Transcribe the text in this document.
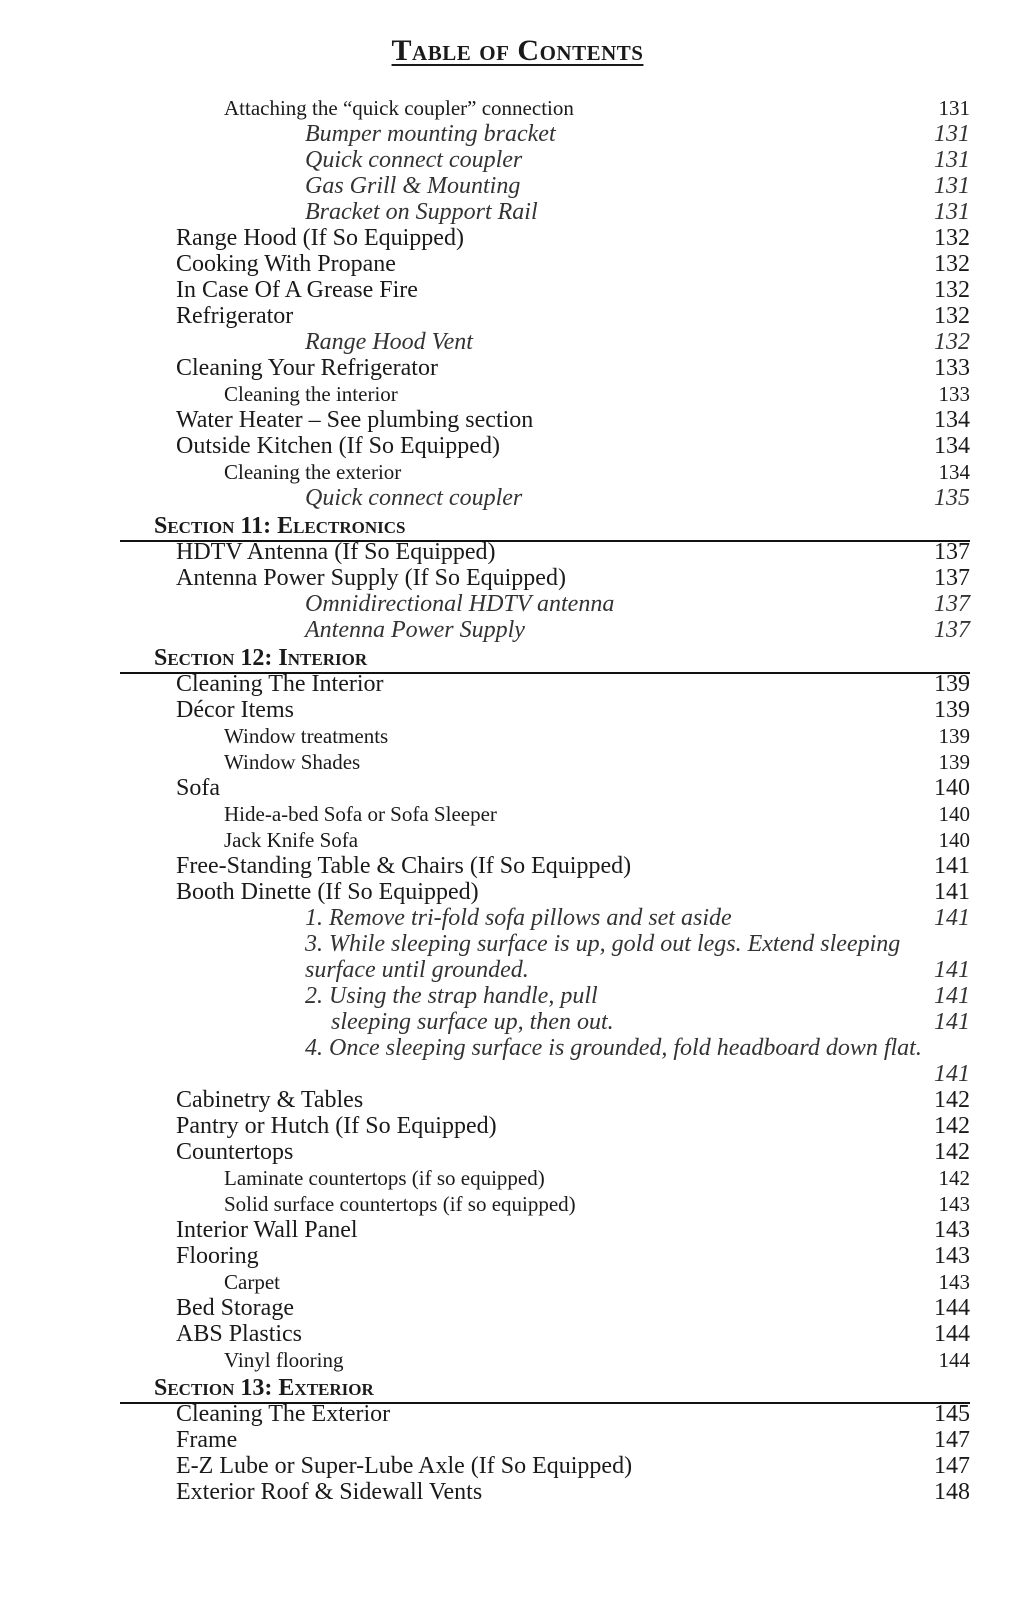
Table of Contents
Attaching the “quick coupler” connection	131
Bumper mounting bracket	131
Quick connect coupler	131
Gas Grill & Mounting	131
Bracket on Support Rail	131
Range Hood (If So Equipped)	132
Cooking With Propane	132
In Case Of A Grease Fire	132
Refrigerator	132
Range Hood Vent	132
Cleaning Your Refrigerator	133
Cleaning the interior	133
Water Heater – See plumbing section	134
Outside Kitchen (If So Equipped)	134
Cleaning the exterior	134
Quick connect coupler	135
Section 11: Electronics
HDTV Antenna (If So Equipped)	137
Antenna Power Supply (If So Equipped)	137
Omnidirectional HDTV antenna	137
Antenna Power Supply	137
Section 12: Interior
Cleaning The Interior	139
Décor Items	139
Window treatments	139
Window Shades	139
Sofa	140
Hide-a-bed Sofa or Sofa Sleeper	140
Jack Knife Sofa	140
Free-Standing Table & Chairs (If So Equipped)	141
Booth Dinette (If So Equipped)	141
1. Remove tri-fold sofa pillows and set aside	141
3. While sleeping surface is up, gold out legs. Extend sleeping
surface until grounded.	141
2. Using the strap handle, pull	141
sleeping surface up, then out.	141
4. Once sleeping surface is grounded, fold headboard down flat.
141
Cabinetry & Tables	142
Pantry or Hutch (If So Equipped)	142
Countertops	142
Laminate countertops (if so equipped)	142
Solid surface countertops (if so equipped)	143
Interior Wall Panel	143
Flooring	143
Carpet	143
Bed Storage	144
ABS Plastics	144
Vinyl flooring	144
Section 13: Exterior
Cleaning The Exterior	145
Frame	147
E-Z Lube or Super-Lube Axle (If So Equipped)	147
Exterior Roof & Sidewall Vents	148
